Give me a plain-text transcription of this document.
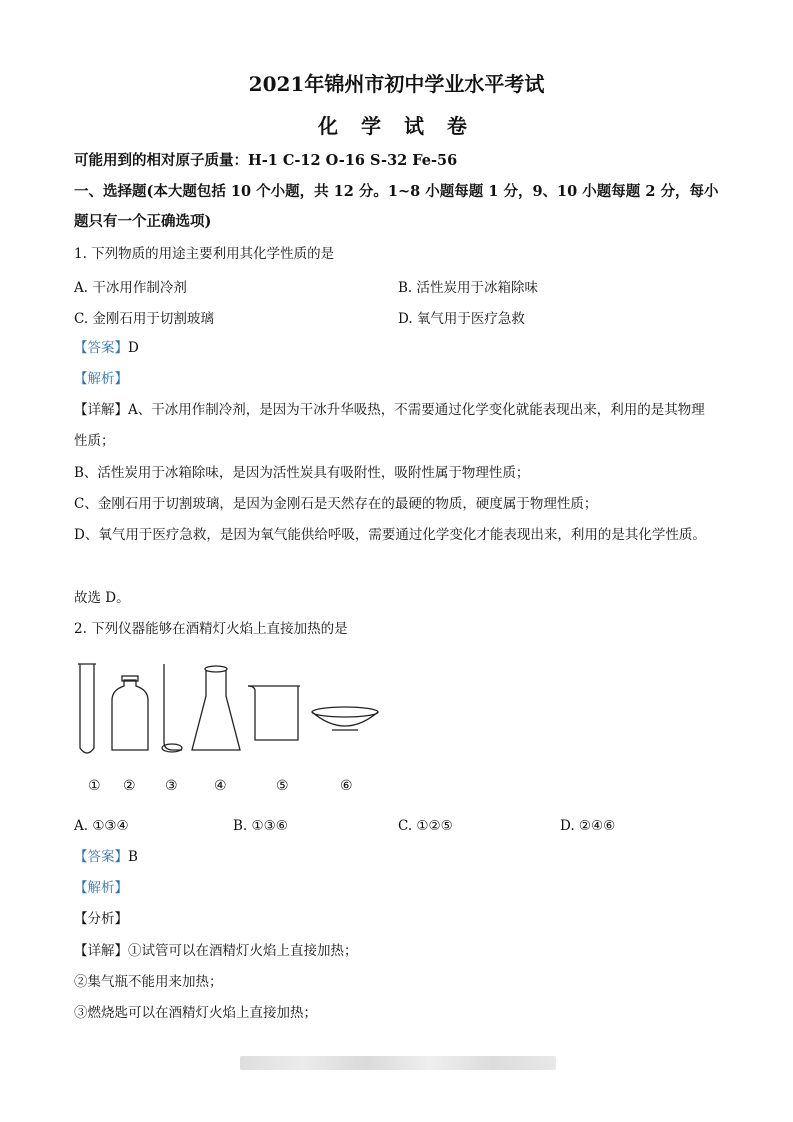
2021年锦州市初中学业水平考试
化 学 试 卷
可能用到的相对原子质量：H-1 C-12 O-16 S-32 Fe-56
一、选择题(本大题包括 10 个小题，共 12 分。1~8 小题每题 1 分，9、10 小题每题 2 分，每小
题只有一个正确选项)
1. 下列物质的用途主要利用其化学性质的是
A. 干冰用作制冷剂	B. 活性炭用于冰箱除味
C. 金刚石用于切割玻璃	D. 氧气用于医疗急救
【答案】D
【解析】
【详解】A、干冰用作制冷剂，是因为干冰升华吸热，不需要通过化学变化就能表现出来，利用的是其物理
性质；
B、活性炭用于冰箱除味，是因为活性炭具有吸附性，吸附性属于物理性质；
C、金刚石用于切割玻璃，是因为金刚石是天然存在的最硬的物质，硬度属于物理性质；
D、氧气用于医疗急救，是因为氧气能供给呼吸，需要通过化学变化才能表现出来，利用的是其化学性质。
故选 D。
2. 下列仪器能够在酒精灯火焰上直接加热的是
① ② ③	④	⑤	⑥
A. ①③④	B. ①③⑥	C. ①②⑤	D. ②④⑥
【答案】B
【解析】
【分析】
【详解】①试管可以在酒精灯火焰上直接加热；
②集气瓶不能用来加热；
③燃烧匙可以在酒精灯火焰上直接加热；
